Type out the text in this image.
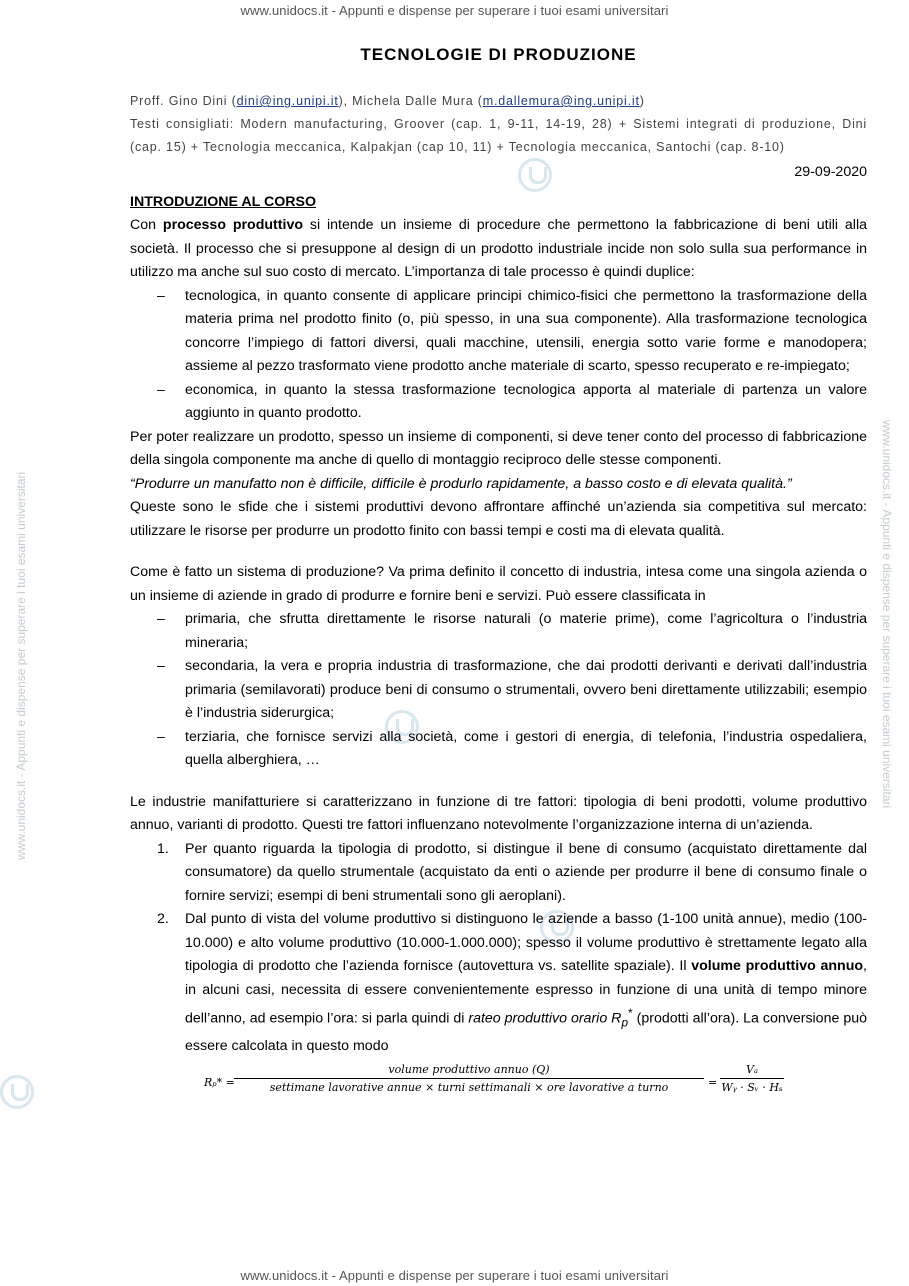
www.unidocs.it - Appunti e dispense per superare i tuoi esami universitari
www.unidocs.it - Appunti e dispense per superare i tuoi esami universitari	www.unidocs.it - Appunti e dispense per superare i tuoi esami universitari
TECNOLOGIE DI PRODUZIONE
Proff. Gino Dini (dini@ing.unipi.it), Michela Dalle Mura (m.dallemura@ing.unipi.it)
Testi consigliati: Modern manufacturing, Groover (cap. 1, 9-11, 14-19, 28) + Sistemi integrati di produzione, Dini (cap. 15) + Tecnologia meccanica, Kalpakjan (cap 10, 11) + Tecnologia meccanica, Santochi (cap. 8-10)
29-09-2020
INTRODUZIONE AL CORSO

Con processo produttivo si intende un insieme di procedure che permettono la fabbricazione di beni utili alla società. Il processo che si presuppone al design di un prodotto industriale incide non solo sulla sua performance in utilizzo ma anche sul suo costo di mercato. L’importanza di tale processo è quindi duplice:

– tecnologica, in quanto consente di applicare principi chimico-fisici che permettono la trasformazione della materia prima nel prodotto finito (o, più spesso, in una sua componente). Alla trasformazione tecnologica concorre l’impiego di fattori diversi, quali macchine, utensili, energia sotto varie forme e manodopera; assieme al pezzo trasformato viene prodotto anche materiale di scarto, spesso recuperato e re-impiegato;
– economica, in quanto la stessa trasformazione tecnologica apporta al materiale di partenza un valore aggiunto in quanto prodotto.

Per poter realizzare un prodotto, spesso un insieme di componenti, si deve tener conto del processo di fabbricazione della singola componente ma anche di quello di montaggio reciproco delle stesse componenti.

“Produrre un manufatto non è difficile, difficile è produrlo rapidamente, a basso costo e di elevata qualità.”

Queste sono le sfide che i sistemi produttivi devono affrontare affinché un’azienda sia competitiva sul mercato: utilizzare le risorse per produrre un prodotto finito con bassi tempi e costi ma di elevata qualità.

Come è fatto un sistema di produzione? Va prima definito il concetto di industria, intesa come una singola azienda o un insieme di aziende in grado di produrre e fornire beni e servizi. Può essere classificata in

– primaria, che sfrutta direttamente le risorse naturali (o materie prime), come l’agricoltura o l’industria mineraria;
– secondaria, la vera e propria industria di trasformazione, che dai prodotti derivanti e derivati dall’industria primaria (semilavorati) produce beni di consumo o strumentali, ovvero beni direttamente utilizzabili; esempio è l’industria siderurgica;
– terziaria, che fornisce servizi alla società, come i gestori di energia, di telefonia, l’industria ospedaliera, quella alberghiera, …

Le industrie manifatturiere si caratterizzano in funzione di tre fattori: tipologia di beni prodotti, volume produttivo annuo, varianti di prodotto. Questi tre fattori influenzano notevolmente l’organizzazione interna di un’azienda.

1. Per quanto riguarda la tipologia di prodotto, si distingue il bene di consumo (acquistato direttamente dal consumatore) da quello strumentale (acquistato da enti o aziende per produrre il bene di consumo finale o fornire servizi; esempi di beni strumentali sono gli aeroplani).
2. Dal punto di vista del volume produttivo si distinguono le aziende a basso (1-100 unità annue), medio (100-10.000) e alto volume produttivo (10.000-1.000.000); spesso il volume produttivo è strettamente legato alla tipologia di prodotto che l’azienda fornisce (autovettura vs. satellite spaziale). Il volume produttivo annuo, in alcuni casi, necessita di essere convenientemente espresso in funzione di una unità di tempo minore dell’anno, ad esempio l’ora: si parla quindi di rateo produttivo orario $R_p^*$ (prodotti all’ora). La conversione può essere calcolata in questo modo
Rₚ* =
volume produttivo annuo (Q)
settimane lavorative annue × turni settimanali × ore lavorative a turno	= $\frac{\text{Vₐ}}{\text{Wᵧ · Sᵥ · Hₛ}}$
www.unidocs.it - Appunti e dispense per superare i tuoi esami universitari
